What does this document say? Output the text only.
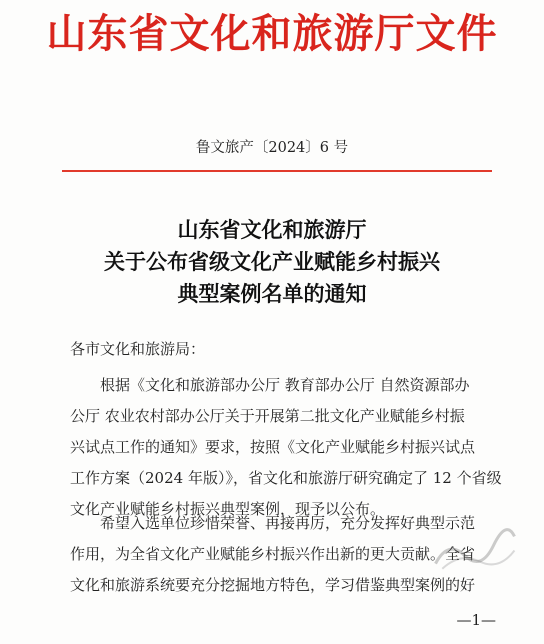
山东省文化和旅游厅文件
鲁文旅产〔2024〕6 号
山东省文化和旅游厅
关于公布省级文化产业赋能乡村振兴
典型案例名单的通知
各市文化和旅游局：
根据《文化和旅游部办公厅 教育部办公厅 自然资源部办
公厅 农业农村部办公厅关于开展第二批文化产业赋能乡村振
兴试点工作的通知》要求，按照《文化产业赋能乡村振兴试点
工作方案（2024 年版）》，省文化和旅游厅研究确定了 12 个省级
文化产业赋能乡村振兴典型案例，现予以公布。
希望入选单位珍惜荣誉、再接再厉，充分发挥好典型示范
作用，为全省文化产业赋能乡村振兴作出新的更大贡献。全省
文化和旅游系统要充分挖掘地方特色，学习借鉴典型案例的好
—1—
